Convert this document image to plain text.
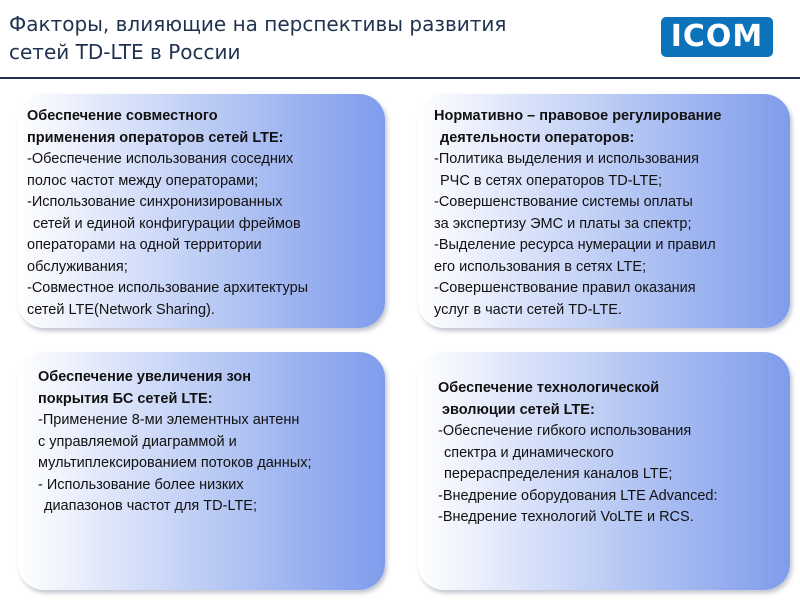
Факторы, влияющие на перспективы развития
сетей TD-LTE в России	ICOM
Обеспечение совместного
применения операторов сетей LTE:
-Обеспечение использования соседних
полос частот между операторами;
-Использование синхронизированных
сетей и единой конфигурации фреймов
операторами на одной территории
обслуживания;
-Совместное использование архитектуры
сетей LTE(Network Sharing).
Нормативно – правовое регулирование
деятельности операторов:
-Политика выделения и использования
РЧС в сетях операторов TD-LTE;
-Совершенствование системы оплаты
за экспертизу ЭМС и платы за спектр;
-Выделение ресурса нумерации и правил
его использования в сетях LTE;
-Совершенствование правил оказания
услуг в части сетей TD-LTE.
Обеспечение увеличения зон
покрытия БС сетей LTE:
-Применение 8-ми элементных антенн
с управляемой диаграммой и
мультиплексированием потоков данных;
- Использование более низких
диапазонов частот для TD-LTE;
Обеспечение технологической
эволюции сетей LTE:
-Обеспечение гибкого использования
спектра и динамического
перераспределения каналов LTE;
-Внедрение оборудования LTE Advanced:
-Внедрение технологий VoLTE и RCS.
